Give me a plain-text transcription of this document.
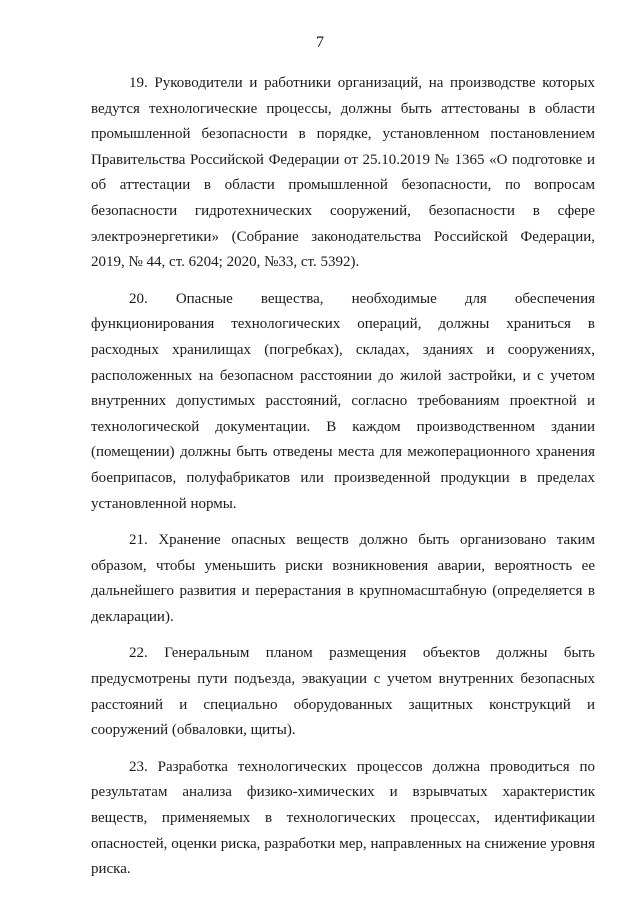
7

19. Руководители и работники организаций, на производстве которых ведутся технологические процессы, должны быть аттестованы в области промышленной безопасности в порядке, установленном постановлением Правительства Российской Федерации от 25.10.2019 № 1365 «О подготовке и об аттестации в области промышленной безопасности, по вопросам безопасности гидротехнических сооружений, безопасности в сфере электроэнергетики» (Собрание законодательства Российской Федерации, 2019, № 44, ст. 6204; 2020, №33, ст. 5392).

20. Опасные вещества, необходимые для обеспечения функционирования технологических операций, должны храниться в расходных хранилищах (погребках), складах, зданиях и сооружениях, расположенных на безопасном расстоянии до жилой застройки, и с учетом внутренних допустимых расстояний, согласно требованиям проектной и технологической документации. В каждом производственном здании (помещении) должны быть отведены места для межоперационного хранения боеприпасов, полуфабрикатов или произведенной продукции в пределах установленной нормы.

21. Хранение опасных веществ должно быть организовано таким образом, чтобы уменьшить риски возникновения аварии, вероятность ее дальнейшего развития и перерастания в крупномасштабную (определяется в декларации).

22. Генеральным планом размещения объектов должны быть предусмотрены пути подъезда, эвакуации с учетом внутренних безопасных расстояний и специально оборудованных защитных конструкций и сооружений (обваловки, щиты).

23. Разработка технологических процессов должна проводиться по результатам анализа физико-химических и взрывчатых характеристик веществ, применяемых в технологических процессах, идентификации опасностей, оценки риска, разработки мер, направленных на снижение уровня риска.
